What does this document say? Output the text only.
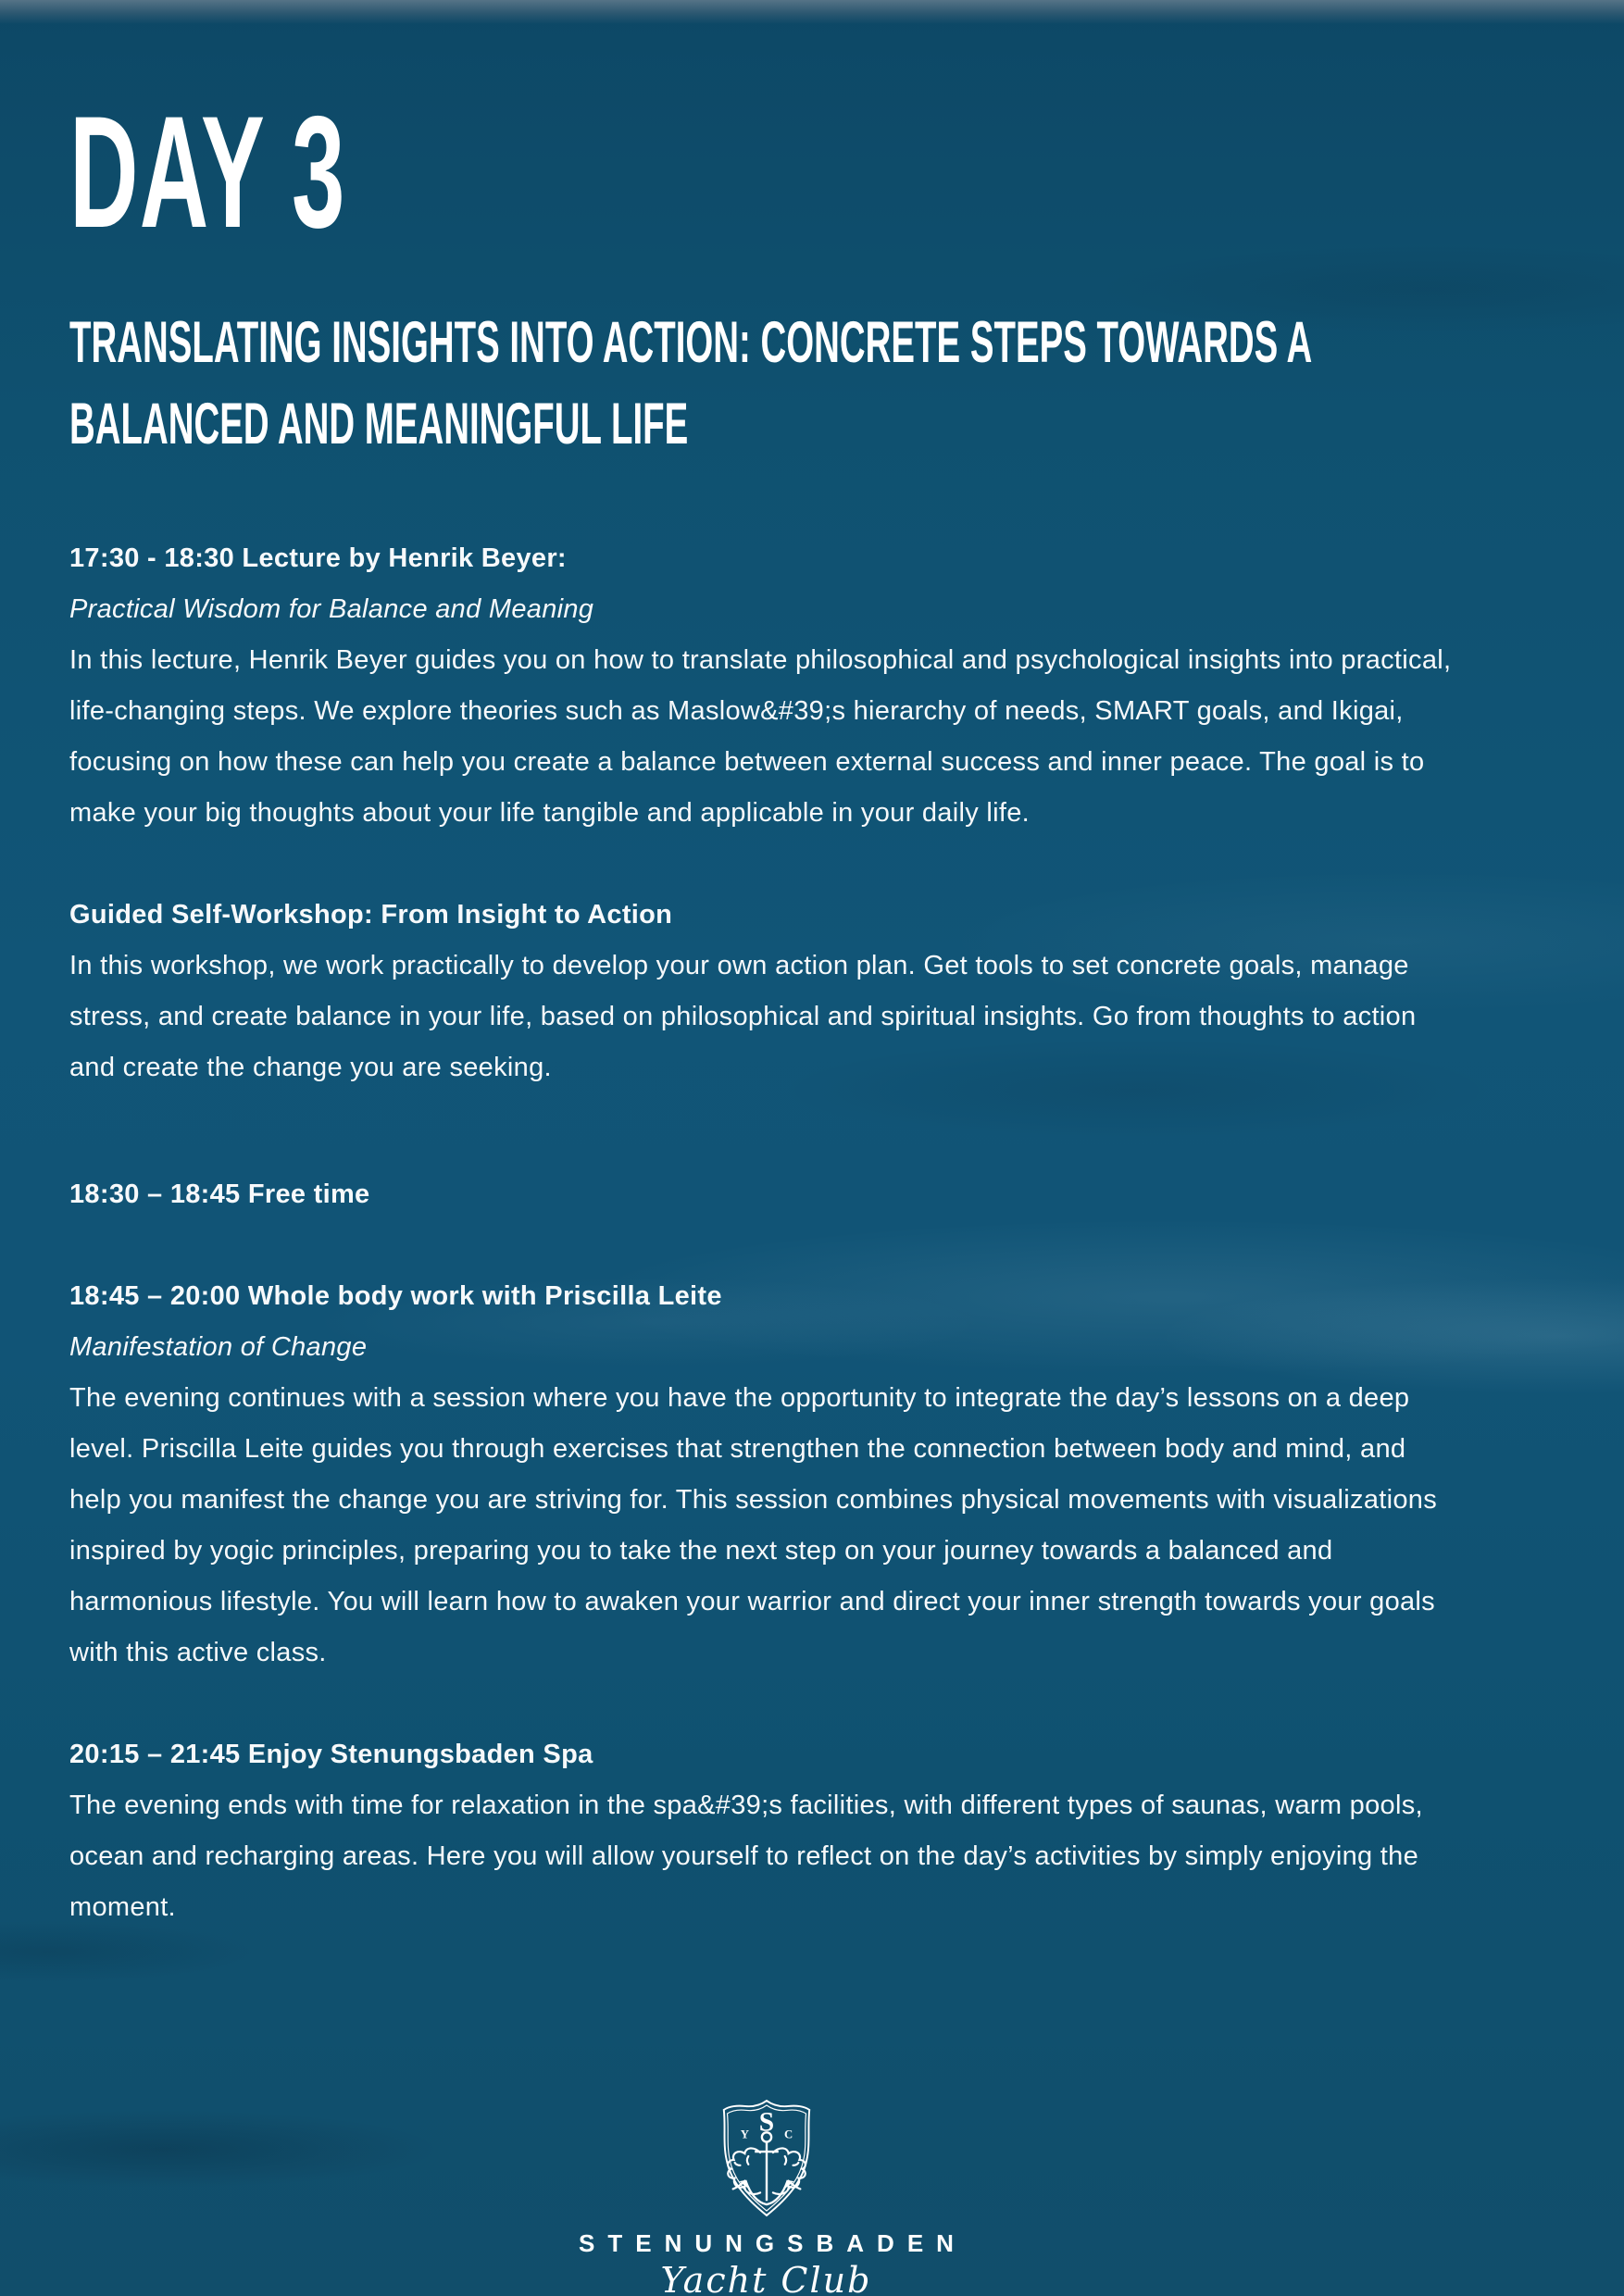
DAY 3
TRANSLATING INSIGHTS INTO ACTION: CONCRETE STEPS TOWARDS A
BALANCED AND MEANINGFUL LIFE
17:30 - 18:30 Lecture by Henrik Beyer:
Practical Wisdom for Balance and Meaning
In this lecture, Henrik Beyer guides you on how to translate philosophical and psychological insights into practical, life-changing steps. We explore theories such as Maslow&#39;s hierarchy of needs, SMART goals, and Ikigai, focusing on how these can help you create a balance between external success and inner peace. The goal is to make your big thoughts about your life tangible and applicable in your daily life.
Guided Self-Workshop: From Insight to Action
In this workshop, we work practically to develop your own action plan. Get tools to set concrete goals, manage stress, and create balance in your life, based on philosophical and spiritual insights. Go from thoughts to action and create the change you are seeking.
18:30 – 18:45 Free time
18:45 – 20:00 Whole body work with Priscilla Leite
Manifestation of Change
The evening continues with a session where you have the opportunity to integrate the day’s lessons on a deep level. Priscilla Leite guides you through exercises that strengthen the connection between body and mind, and help you manifest the change you are striving for. This session combines physical movements with visualizations inspired by yogic principles, preparing you to take the next step on your journey towards a balanced and harmonious lifestyle. You will learn how to awaken your warrior and direct your inner strength towards your goals with this active class.
20:15 – 21:45 Enjoy Stenungsbaden Spa
The evening ends with time for relaxation in the spa&#39;s facilities, with different types of saunas, warm pools, ocean and recharging areas. Here you will allow yourself to reflect on the day’s activities by simply enjoying the moment.
S
Y	C
STENUNGSBADEN
Yacht Club
